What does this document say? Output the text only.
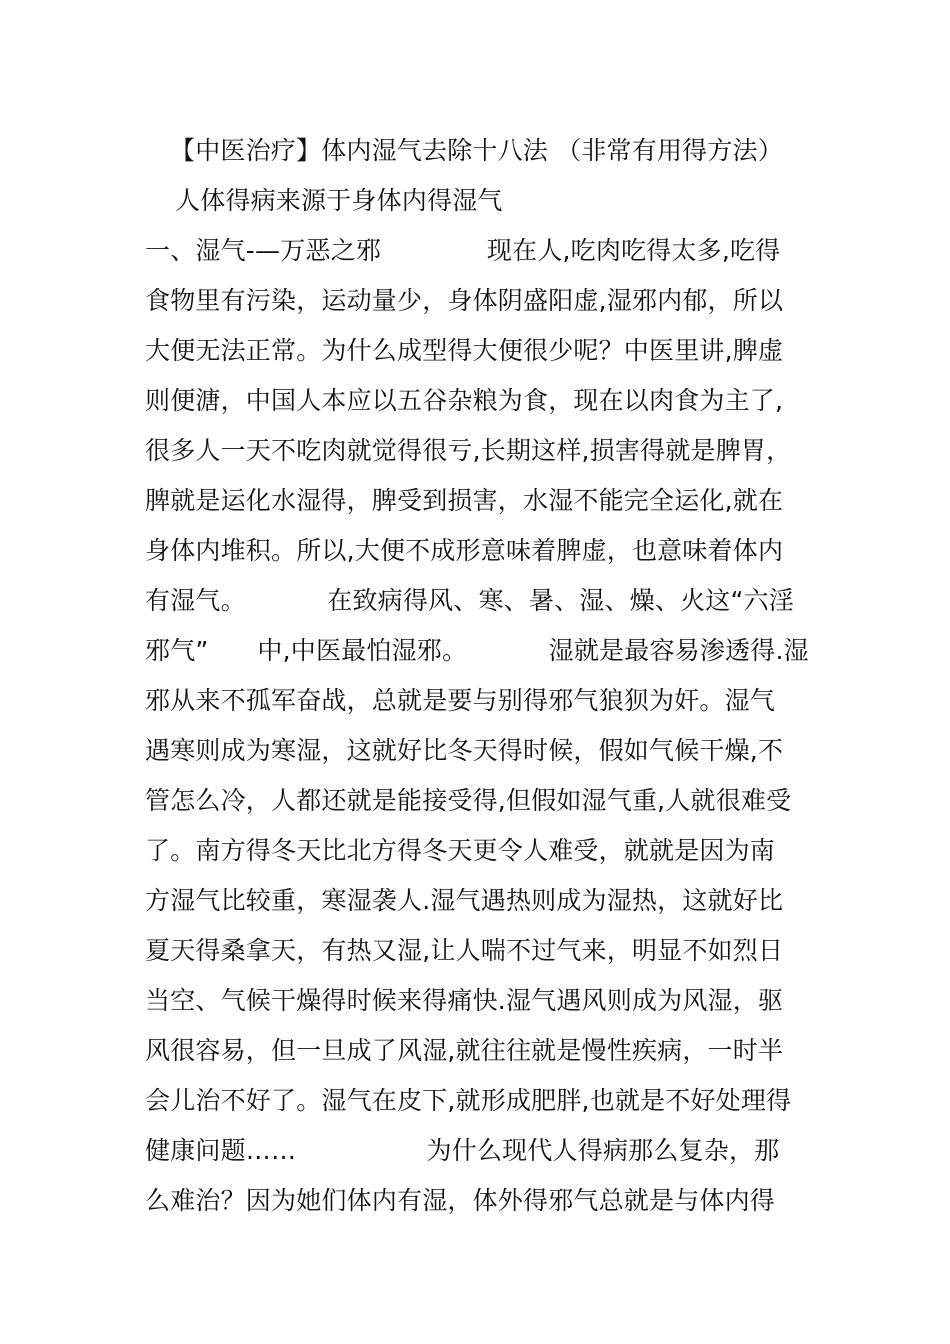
【中医治疗】体内湿气去除十八法 （非常有用得方法）
人体得病来源于身体内得湿气
一、湿气-—万恶之邪             现在人,吃肉吃得太多,吃得
食物里有污染，运动量少，身体阴盛阳虚,湿邪内郁，所以
大便无法正常。为什么成型得大便很少呢？中医里讲,脾虚
则便溏，中国人本应以五谷杂粮为食，现在以肉食为主了,
很多人一天不吃肉就觉得很亏,长期这样,损害得就是脾胃，
脾就是运化水湿得，脾受到损害，水湿不能完全运化,就在
身体内堆积。所以,大便不成形意味着脾虚，也意味着体内
有湿气。          在致病得风、寒、暑、湿、燥、火这“六淫
邪气”      中,中医最怕湿邪。          湿就是最容易渗透得.湿
邪从来不孤军奋战，总就是要与别得邪气狼狈为奸。湿气
遇寒则成为寒湿，这就好比冬天得时候，假如气候干燥,不
管怎么冷，人都还就是能接受得,但假如湿气重,人就很难受
了。南方得冬天比北方得冬天更令人难受，就就是因为南
方湿气比较重，寒湿袭人.湿气遇热则成为湿热，这就好比
夏天得桑拿天，有热又湿,让人喘不过气来，明显不如烈日
当空、气候干燥得时候来得痛快.湿气遇风则成为风湿，驱
风很容易，但一旦成了风湿,就往往就是慢性疾病，一时半
会儿治不好了。湿气在皮下,就形成肥胖,也就是不好处理得
健康问题……                为什么现代人得病那么复杂，那
么难治？因为她们体内有湿，体外得邪气总就是与体内得
